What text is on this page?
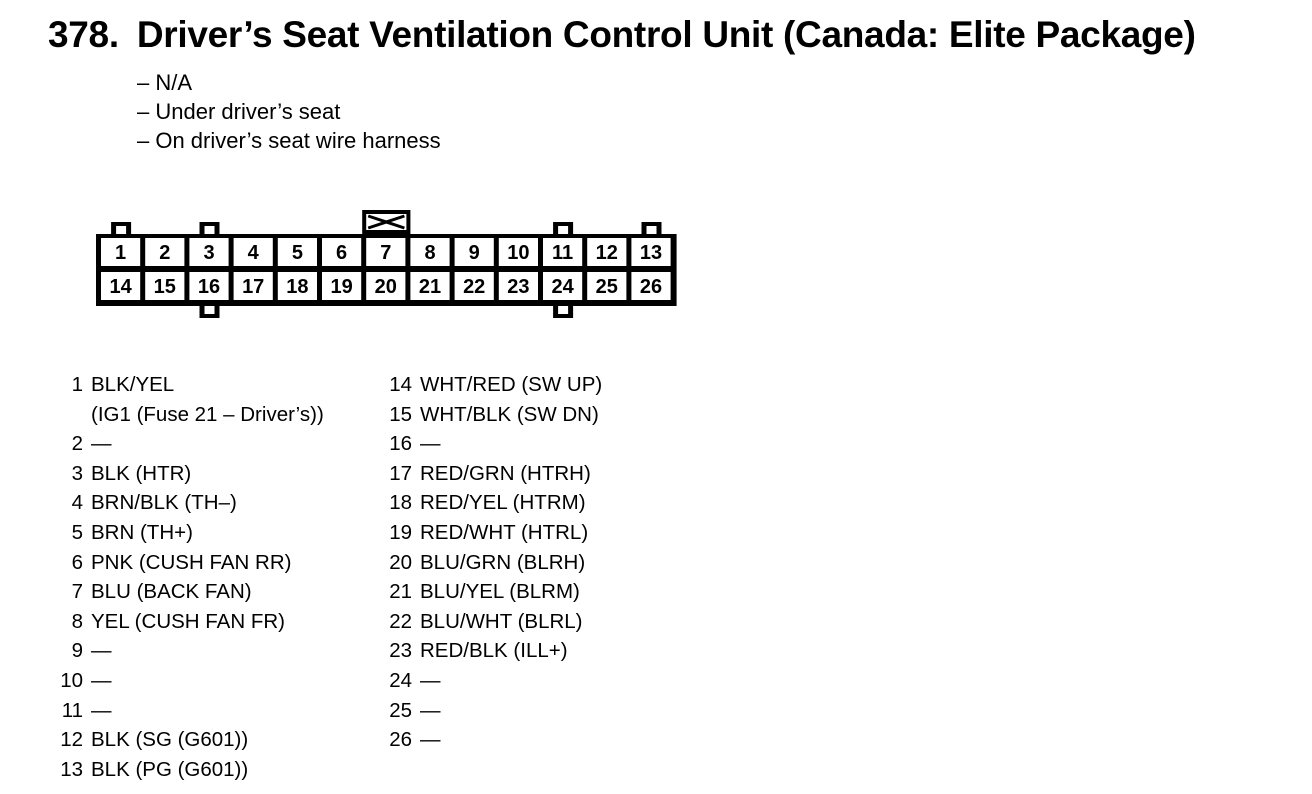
378. Driver’s Seat Ventilation Control Unit (Canada: Elite Package)
– N/A
– Under driver’s seat
– On driver’s seat wire harness
1 2 3 4 5 6 7 8 9 10 11 12 13
14 15 16 17 18 19 20 21 22 23 24 25 26
1 BLK/YEL
(IG1 (Fuse 21 – Driver’s))
2 —
3 BLK (HTR)
4 BRN/BLK (TH–)
5 BRN (TH+)
6 PNK (CUSH FAN RR)
7 BLU (BACK FAN)
8 YEL (CUSH FAN FR)
9 —
10 —
11 —
12 BLK (SG (G601))
13 BLK (PG (G601))
14 WHT/RED (SW UP)
15 WHT/BLK (SW DN)
16 —
17 RED/GRN (HTRH)
18 RED/YEL (HTRM)
19 RED/WHT (HTRL)
20 BLU/GRN (BLRH)
21 BLU/YEL (BLRM)
22 BLU/WHT (BLRL)
23 RED/BLK (ILL+)
24 —
25 —
26 —
